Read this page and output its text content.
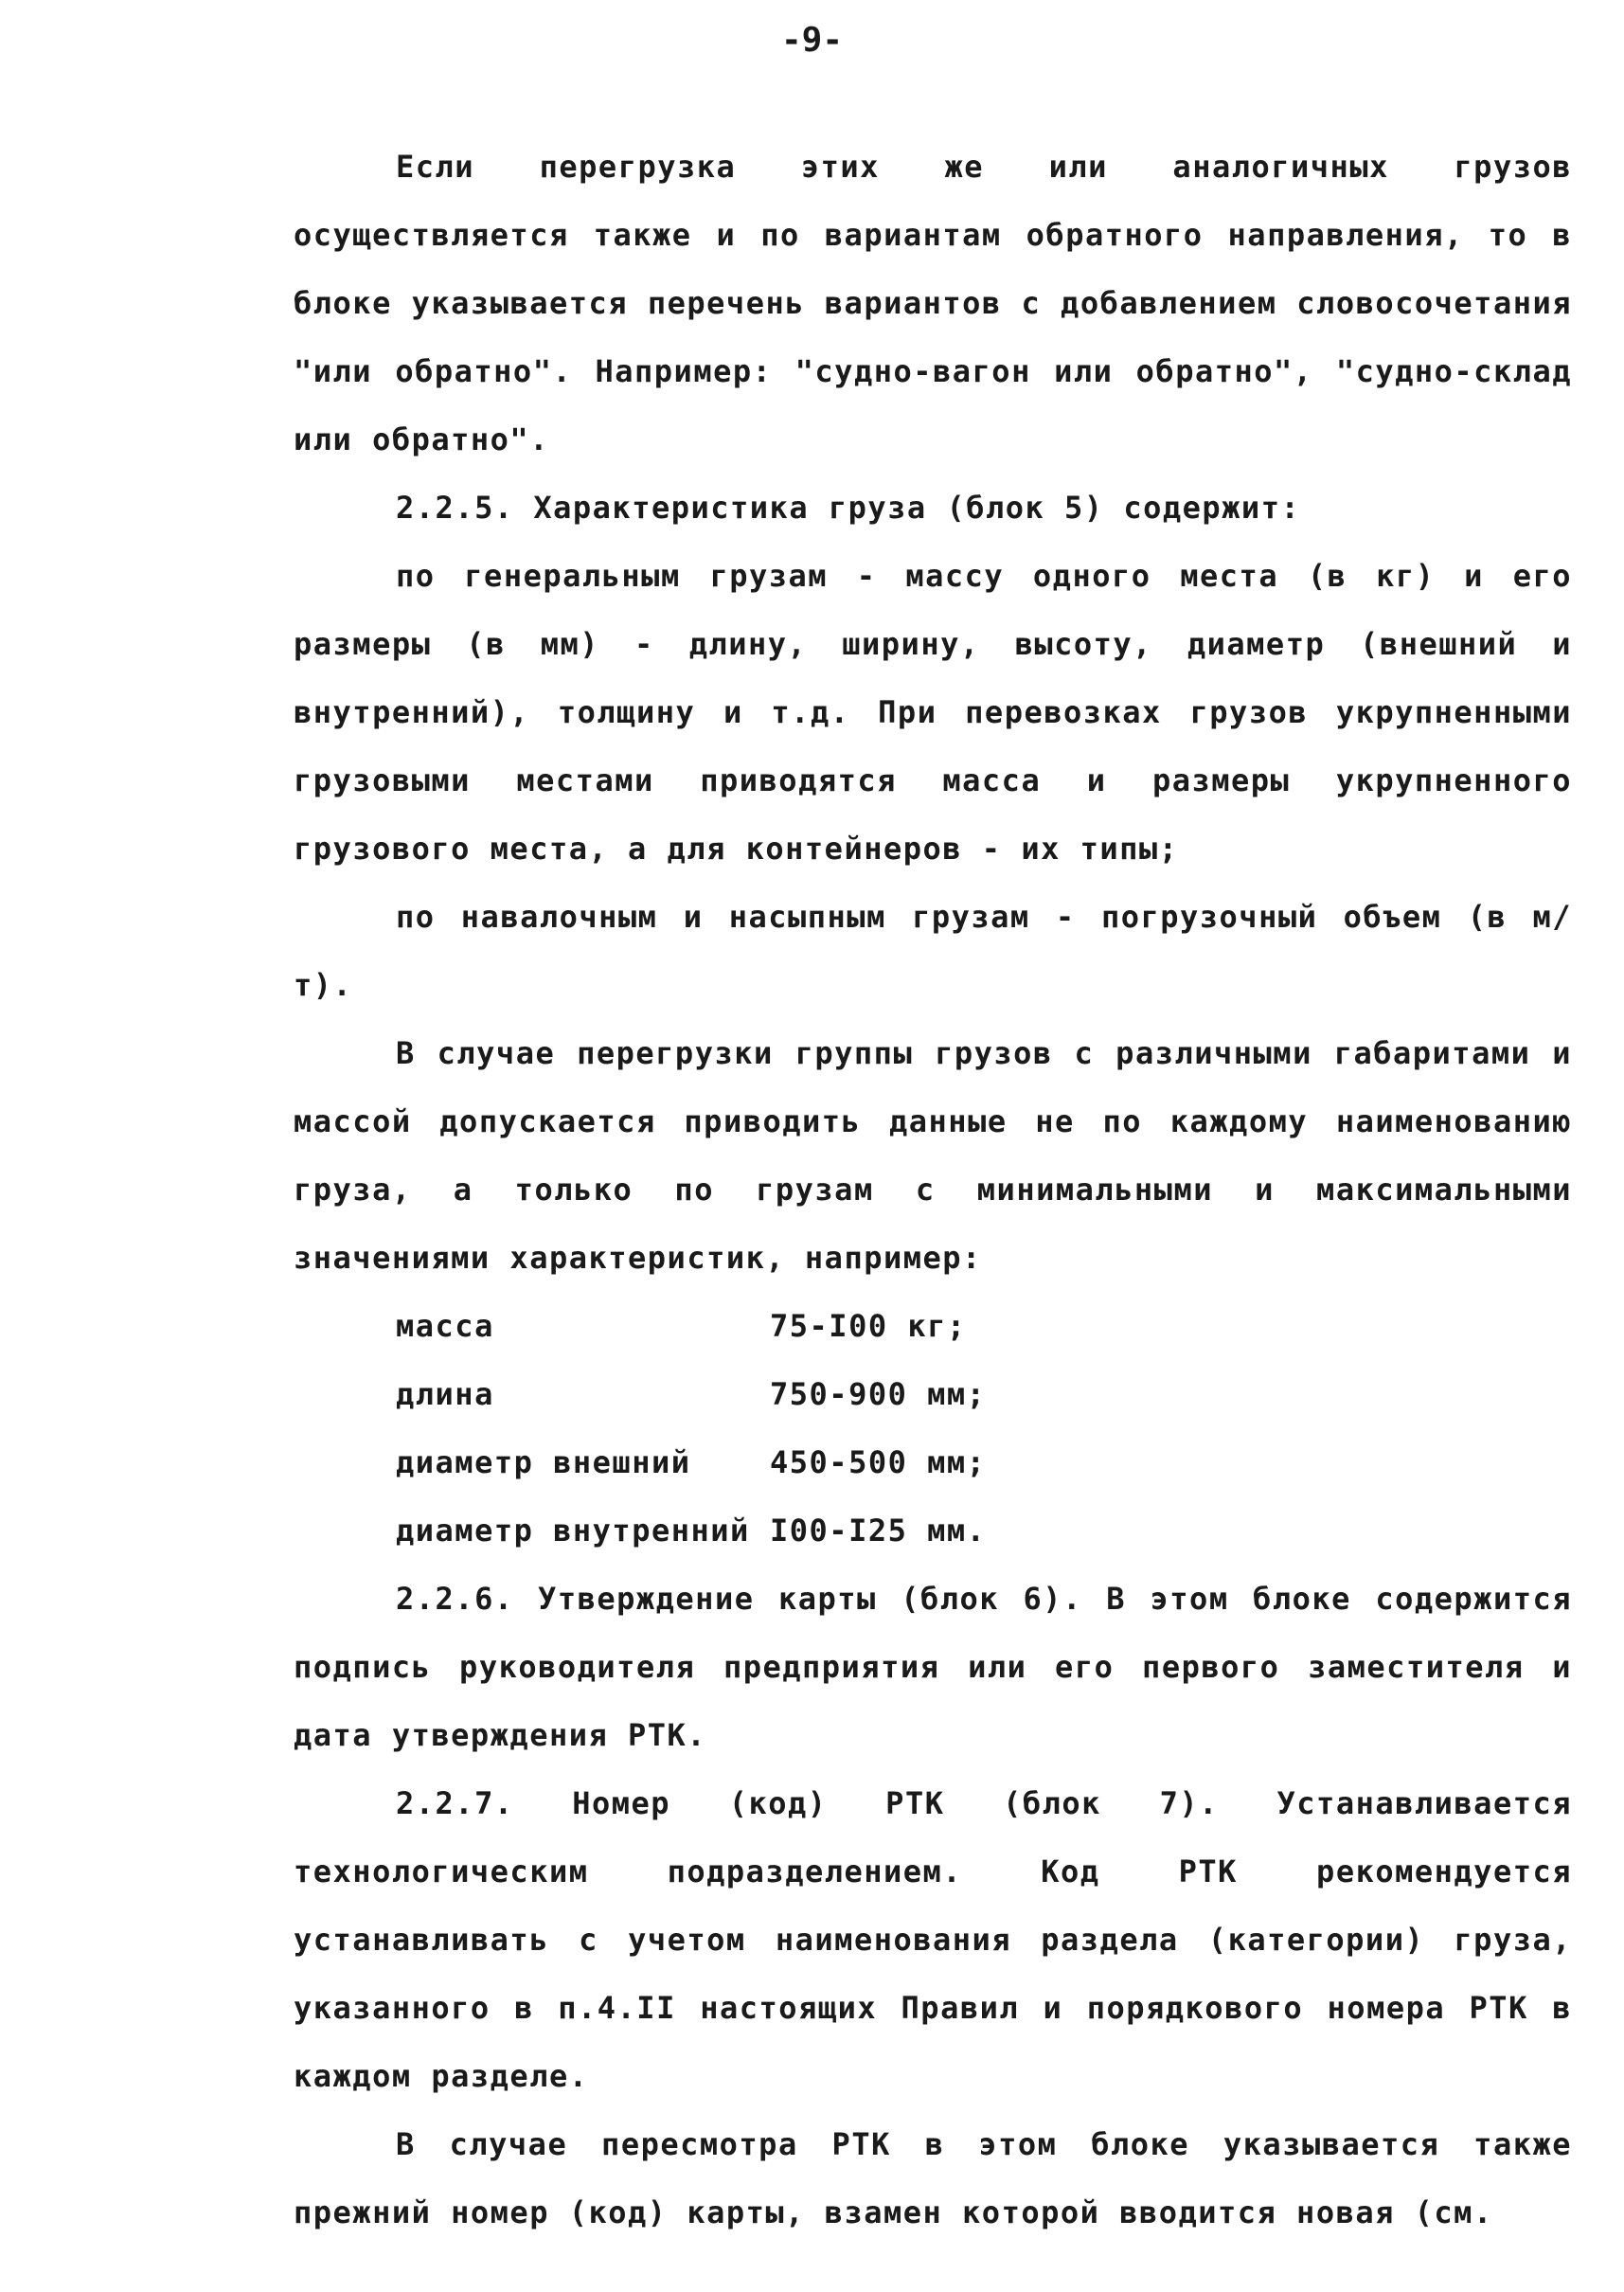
-9-

Если перегрузка этих же или аналогичных грузов осуществляется также и по вариантам обратного направления, то в блоке указывается перечень вариантов с добавлением словосочетания "или обратно". Например: "судно-вагон или обратно", "судно-склад или обратно".

2.2.5. Характеристика груза (блок 5) содержит:

по генеральным грузам - массу одного места (в кг) и его размеры (в мм) - длину, ширину, высоту, диаметр (внешний и внутренний), толщину и т.д. При перевозках грузов укрупненными грузовыми местами приводятся масса и размеры укрупненного грузового места, а для контейнеров - их типы;

по навалочным и насыпным грузам - погрузочный объем (в м/т).

В случае перегрузки группы грузов с различными габаритами и массой допускается приводить данные не по каждому наименованию груза, а только по грузам с минимальными и максимальными значениями характеристик, например:

масса	75-I00 кг;
длина	750-900 мм;
диаметр внешний	450-500 мм;
диаметр внутренний I00-I25 мм.

2.2.6. Утверждение карты (блок 6). В этом блоке содержится подпись руководителя предприятия или его первого заместителя и дата утверждения РТК.

2.2.7. Номер (код) РТК (блок 7). Устанавливается технологическим подразделением. Код РТК рекомендуется устанавливать с учетом наименования раздела (категории) груза, указанного в п.4.II настоящих Правил и порядкового номера РТК в каждом разделе.

В случае пересмотра РТК в этом блоке указывается также прежний номер (код) карты, взамен которой вводится новая (см.
